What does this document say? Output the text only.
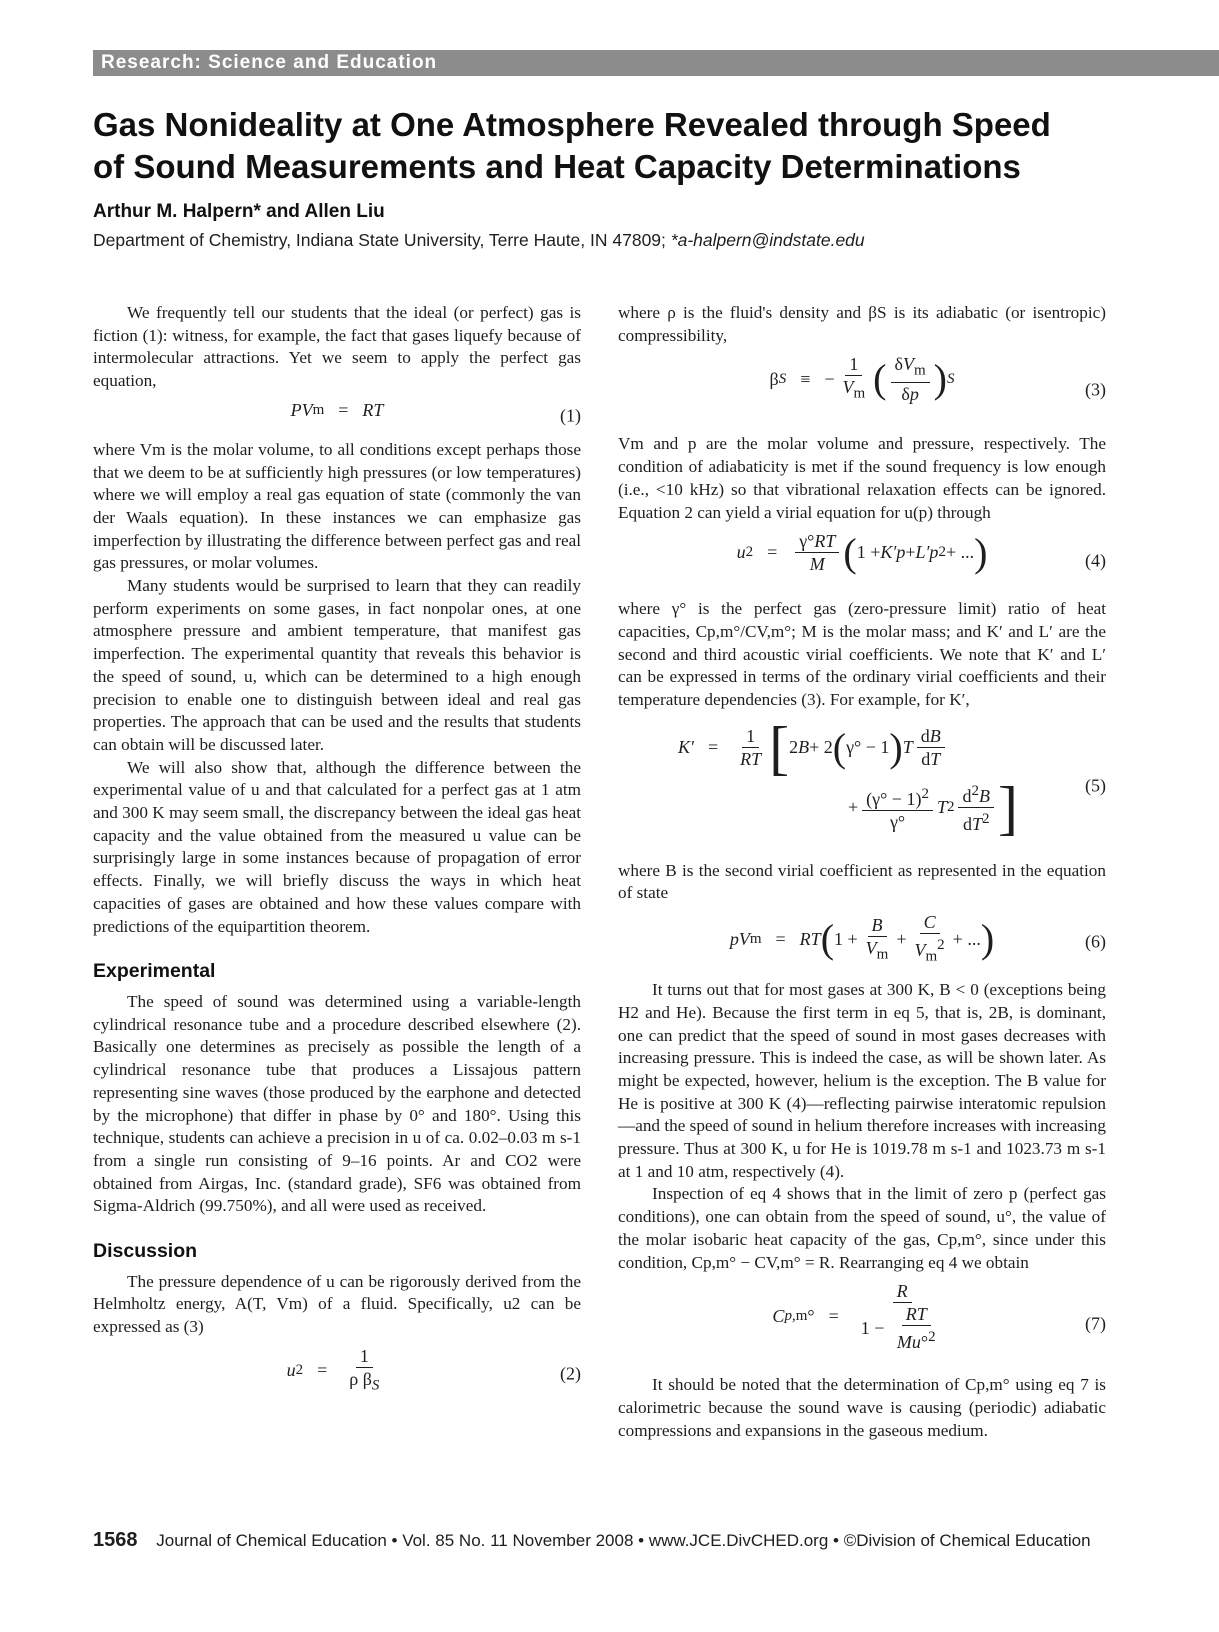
Research: Science and Education
Gas Nonideality at One Atmosphere Revealed through Speed
of Sound Measurements and Heat Capacity Determinations
Arthur M. Halpern* and Allen Liu
Department of Chemistry, Indiana State University, Terre Haute, IN 47809; *a-halpern@indstate.edu

We frequently tell our students that the ideal (or perfect) gas is fiction (1): witness, for example, the fact that gases liquefy because of intermolecular attractions. Yet we seem to apply the perfect gas equation,

PV m = RT	(1)

where Vm is the molar volume, to all conditions except perhaps those that we deem to be at sufficiently high pressures (or low temperatures) where we will employ a real gas equation of state (commonly the van der Waals equation). In these instances we can emphasize gas imperfection by illustrating the difference between perfect gas and real gas pressures, or molar volumes.

Many students would be surprised to learn that they can readily perform experiments on some gases, in fact nonpolar ones, at one atmosphere pressure and ambient temperature, that manifest gas imperfection. The experimental quantity that reveals this behavior is the speed of sound, u, which can be determined to a high enough precision to enable one to distinguish between ideal and real gas properties. The approach that can be used and the results that students can obtain will be discussed later.

We will also show that, although the difference between the experimental value of u and that calculated for a perfect gas at 1 atm and 300 K may seem small, the discrepancy between the ideal gas heat capacity and the value obtained from the measured u value can be surprisingly large in some instances because of propagation of error effects. Finally, we will briefly discuss the ways in which heat capacities of gases are obtained and how these values compare with predictions of the equipartition theorem.

Experimental

The speed of sound was determined using a variable-length cylindrical resonance tube and a procedure described elsewhere (2). Basically one determines as precisely as possible the length of a cylindrical resonance tube that produces a Lissajous pattern representing sine waves (those produced by the earphone and detected by the microphone) that differ in phase by 0° and 180°. Using this technique, students can achieve a precision in u of ca. 0.02–0.03 m s-1 from a single run consisting of 9–16 points. Ar and CO2 were obtained from Airgas, Inc. (standard grade), SF6 was obtained from Sigma-Aldrich (99.750%), and all were used as received.

Discussion

The pressure dependence of u can be rigorously derived from the Helmholtz energy, A(T, Vm) of a fluid. Specifically, u2 can be expressed as (3)

u $2 = \frac{1}{\rho \beta_S}$	(2)

where ρ is the fluid's density and βS is its adiabatic (or isentropic) compressibility,

β S ≡ − $\frac{1}{V_m}$ ( $\frac{\delta V_m}{\delta p}$ ) S
(3)

Vm and p are the molar volume and pressure, respectively. The condition of adiabaticity is met if the sound frequency is low enough (i.e., <10 kHz) so that vibrational relaxation effects can be ignored. Equation 2 can yield a virial equation for u(p) through

u $2 = \frac{\gamma^\circ RT}{M}$ ( 1 + K′p + L′p 2 + ... )	(4)

where γ° is the perfect gas (zero-pressure limit) ratio of heat capacities, Cp,m°/CV,m°; M is the molar mass; and K′ and L′ are the second and third acoustic virial coefficients. We note that K′ and L′ can be expressed in terms of the ordinary virial coefficients and their temperature dependencies (3). For example, for K′,

$K' = \frac{1}{RT}$ [ 2 B + 2 ( γ° − 1 ) T $\frac{dB}{dT}$
+ $\frac{(\gamma^\circ - 1)^2}{\gamma^\circ}$ T $2 \frac{d^2B}{dT^2}$ ]	(5)

where B is the second virial coefficient as represented in the equation of state

pV m = RT ( $1 + \frac{B}{V_m} + \frac{C}{V_m^2}$ + ... )	(6)

It turns out that for most gases at 300 K, B < 0 (exceptions being H2 and He). Because the first term in eq 5, that is, 2B, is dominant, one can predict that the speed of sound in most gases decreases with increasing pressure. This is indeed the case, as will be shown later. As might be expected, however, helium is the exception. The B value for He is positive at 300 K (4)—reflecting pairwise interatomic repulsion—and the speed of sound in helium therefore increases with increasing pressure. Thus at 300 K, u for He is 1019.78 m s-1 and 1023.73 m s-1 at 1 and 10 atm, respectively (4).

Inspection of eq 4 shows that in the limit of zero p (perfect gas conditions), one can obtain from the speed of sound, u°, the value of the molar isobaric heat capacity of the gas, Cp,m°, since under this condition, Cp,m° − CV,m° = R. Rearranging eq 4 we obtain

C p,m ° = $\frac{R}{1 - \frac{RT}{Mu^\circ^2}}$	(7)

It should be noted that the determination of Cp,m° using eq 7 is calorimetric because the sound wave is causing (periodic) adiabatic compressions and expansions in the gaseous medium.

1568 Journal of Chemical Education • Vol. 85 No. 11 November 2008 • www.JCE.DivCHED.org • ©Division of Chemical Education
